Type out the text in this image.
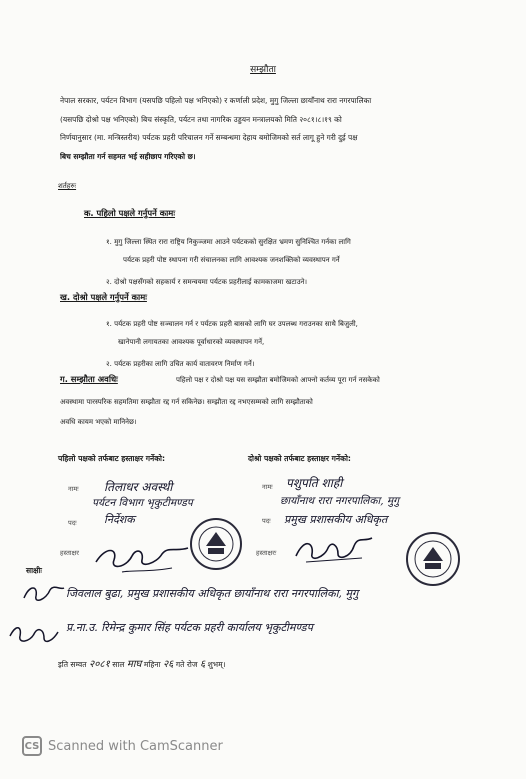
सम्झौता
नेपाल सरकार, पर्यटन विभाग (यसपछि पहिलो पक्ष भनिएको) र कर्णाली प्रदेश, मुगु जिल्ला छायाँनाथ रारा नगरपालिका
(यसपछि दोश्रो पक्ष भनिएको) बिच संस्कृति, पर्यटन तथा नागरिक उड्डयन मन्त्रालयको मिति २०८१।८।१९ को
निर्णयानुसार (मा. मन्त्रिस्तरीय) पर्यटक प्रहरी परिचालन गर्ने सम्बन्धमा देहाय बमोजिमको सर्त लागू हुने गरी दुई पक्ष
बिच सम्झौता गर्न सहमत भई सहीछाप गरिएको छ।
शर्तहरुः
क. पहिलो पक्षले गर्नुपर्ने कामः
१. मुगु जिल्ला स्थित रारा राष्ट्रिय निकुञ्जमा आउने पर्यटकको सुरक्षित भ्रमण सुनिश्चित गर्नका लागि
पर्यटक प्रहरी पोष्ट स्थापना गरी संचालनका लागि आवश्यक जनशक्तिको व्यवस्थापन गर्ने
२. दोश्रो पक्षसँगको सहकार्य र समन्वयमा पर्यटक प्रहरीलाई कामकाजमा खटाउने।
ख. दोश्रो पक्षले गर्नुपर्ने कामः
१. पर्यटक प्रहरी पोष्ट सञ्चालन गर्न र पर्यटक प्रहरी बासको लागि घर उपलब्ध गराउनका साथै बिजुली,
खानेपानी लगायतका आवश्यक पूर्वाधारको व्यवस्थापन गर्ने,
२. पर्यटक प्रहरीका लागि उचित कार्य वातावरण निर्माण गर्ने।
ग. सम्झौता अवधिः	पहिलो पक्ष र दोश्रो पक्ष यस सम्झौता बमोजिमको आफ्नो कर्तव्य पूरा गर्न नसकेको
अवस्थामा पारस्परिक सहमतिमा सम्झौता रद्द गर्न सकिनेछ। सम्झौता रद्द नभएसम्मको लागि सम्झौताको
अवधि कायम भएको मानिनेछ।
पहिलो पक्षको तर्फबाट हस्ताक्षर गर्नेको:
नामः तिलाधर अवस्थी
पर्यटन विभाग भृकुटीमण्डप
पदः निर्देशक
हस्ताक्षर
दोश्रो पक्षको तर्फबाट हस्ताक्षर गर्नेको:
नामः पशुपति शाही
छायाँनाथ रारा नगरपालिका, मुगु
पदः प्रमुख प्रशासकीय अधिकृत
हस्ताक्षरः
साक्षीः
जिवलाल बुढा, प्रमुख प्रशासकीय अधिकृत छायाँनाथ रारा नगरपालिका, मुगु
प्र.ना.उ. रिमेन्द्र कुमार सिंह पर्यटक प्रहरी कार्यालय भृकुटीमण्डप
इति सम्वत २०८१ साल माघ महिना २६ गते रोज ६ शुभम्।
CS Scanned with CamScanner
